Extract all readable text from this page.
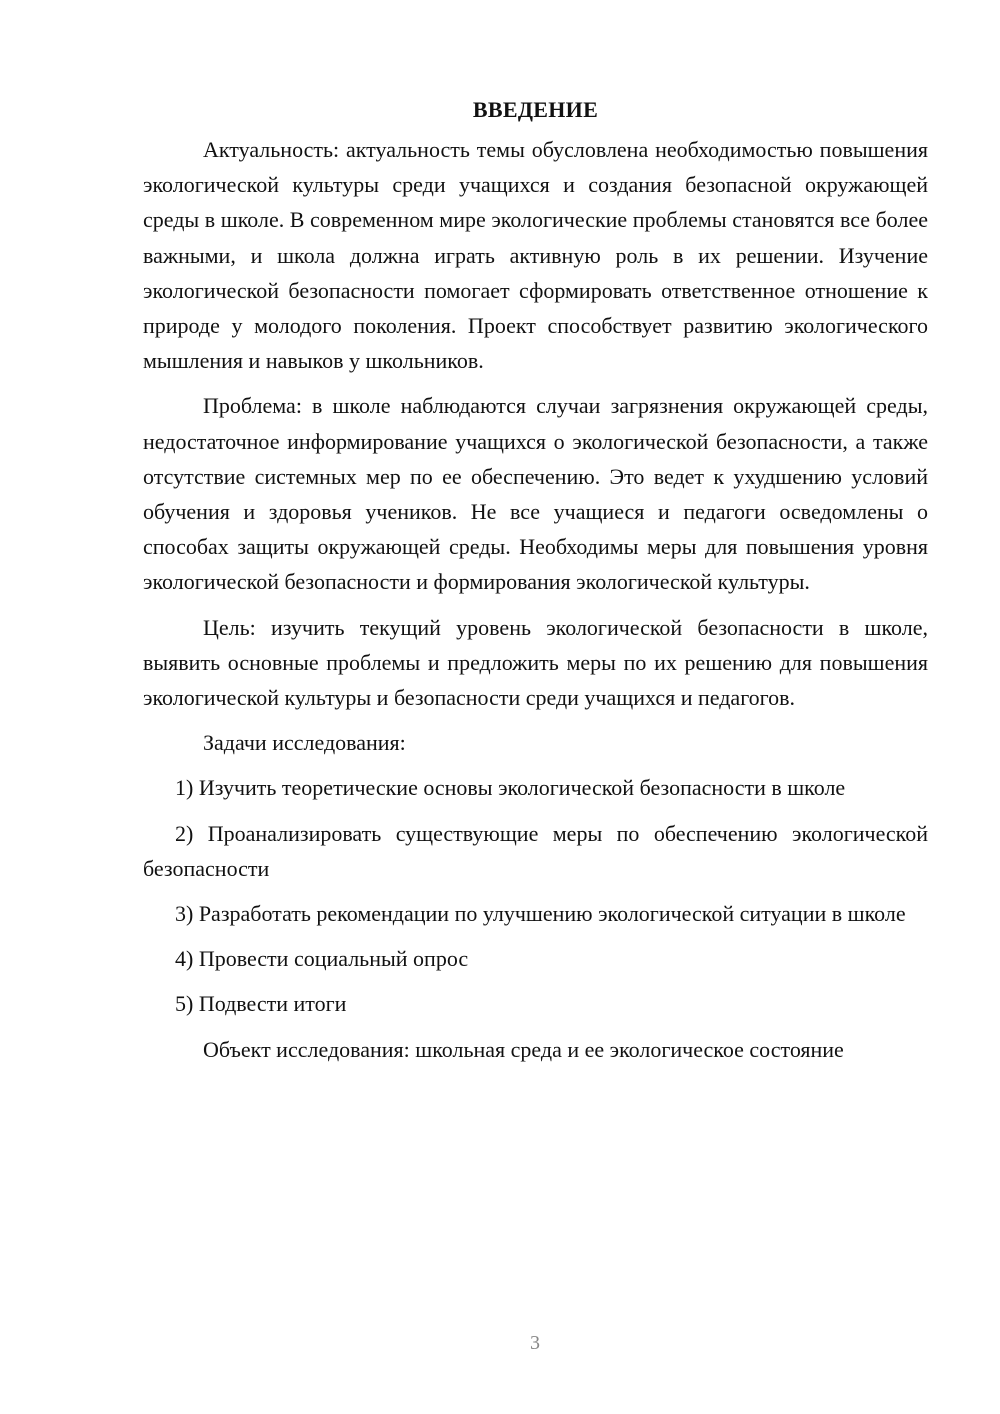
ВВЕДЕНИЕ

Актуальность: актуальность темы обусловлена необходимостью повышения экологической культуры среди учащихся и создания безопасной окружающей среды в школе. В современном мире экологические проблемы становятся все более важными, и школа должна играть активную роль в их решении. Изучение экологической безопасности помогает сформировать ответственное отношение к природе у молодого поколения. Проект способствует развитию экологического мышления и навыков у школьников.

Проблема: в школе наблюдаются случаи загрязнения окружающей среды, недостаточное информирование учащихся о экологической безопасности, а также отсутствие системных мер по ее обеспечению. Это ведет к ухудшению условий обучения и здоровья учеников. Не все учащиеся и педагоги осведомлены о способах защиты окружающей среды. Необходимы меры для повышения уровня экологической безопасности и формирования экологической культуры.

Цель: изучить текущий уровень экологической безопасности в школе, выявить основные проблемы и предложить меры по их решению для повышения экологической культуры и безопасности среди учащихся и педагогов.

Задачи исследования:

1) Изучить теоретические основы экологической безопасности в школе

2) Проанализировать существующие меры по обеспечению экологической безопасности

3) Разработать рекомендации по улучшению экологической ситуации в школе

4) Провести социальный опрос

5) Подвести итоги

Объект исследования: школьная среда и ее экологическое состояние

3
